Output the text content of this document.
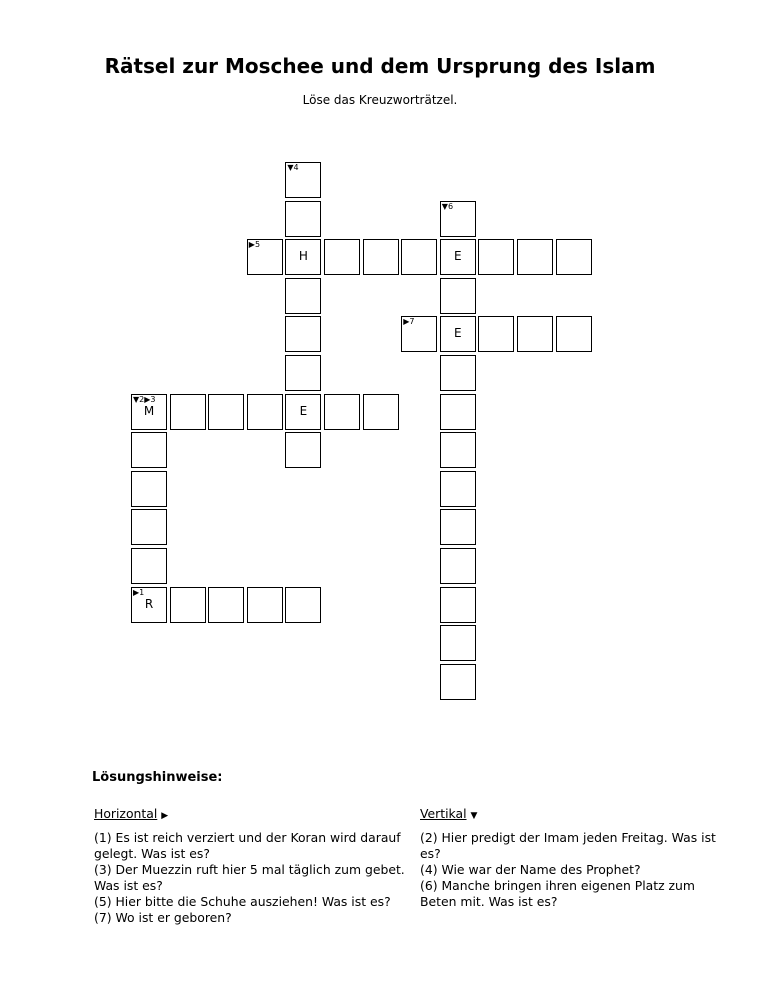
Rätsel zur Moschee und dem Ursprung des Islam
Löse das Kreuzworträtzel.
▼4
▼6
▶5
H	E
▶7
E
▼2▶3
M	E
▶1
R
Lösungshinweise:
Horizontal ▶

(1) Es ist reich verziert und der Koran wird darauf gelegt. Was ist es?

(3) Der Muezzin ruft hier 5 mal täglich zum gebet. Was ist es?

(5) Hier bitte die Schuhe ausziehen! Was ist es?

(7) Wo ist er geboren?

Vertikal ▼

(2) Hier predigt der Imam jeden Freitag. Was ist es?

(4) Wie war der Name des Prophet?

(6) Manche bringen ihren eigenen Platz zum Beten mit. Was ist es?
